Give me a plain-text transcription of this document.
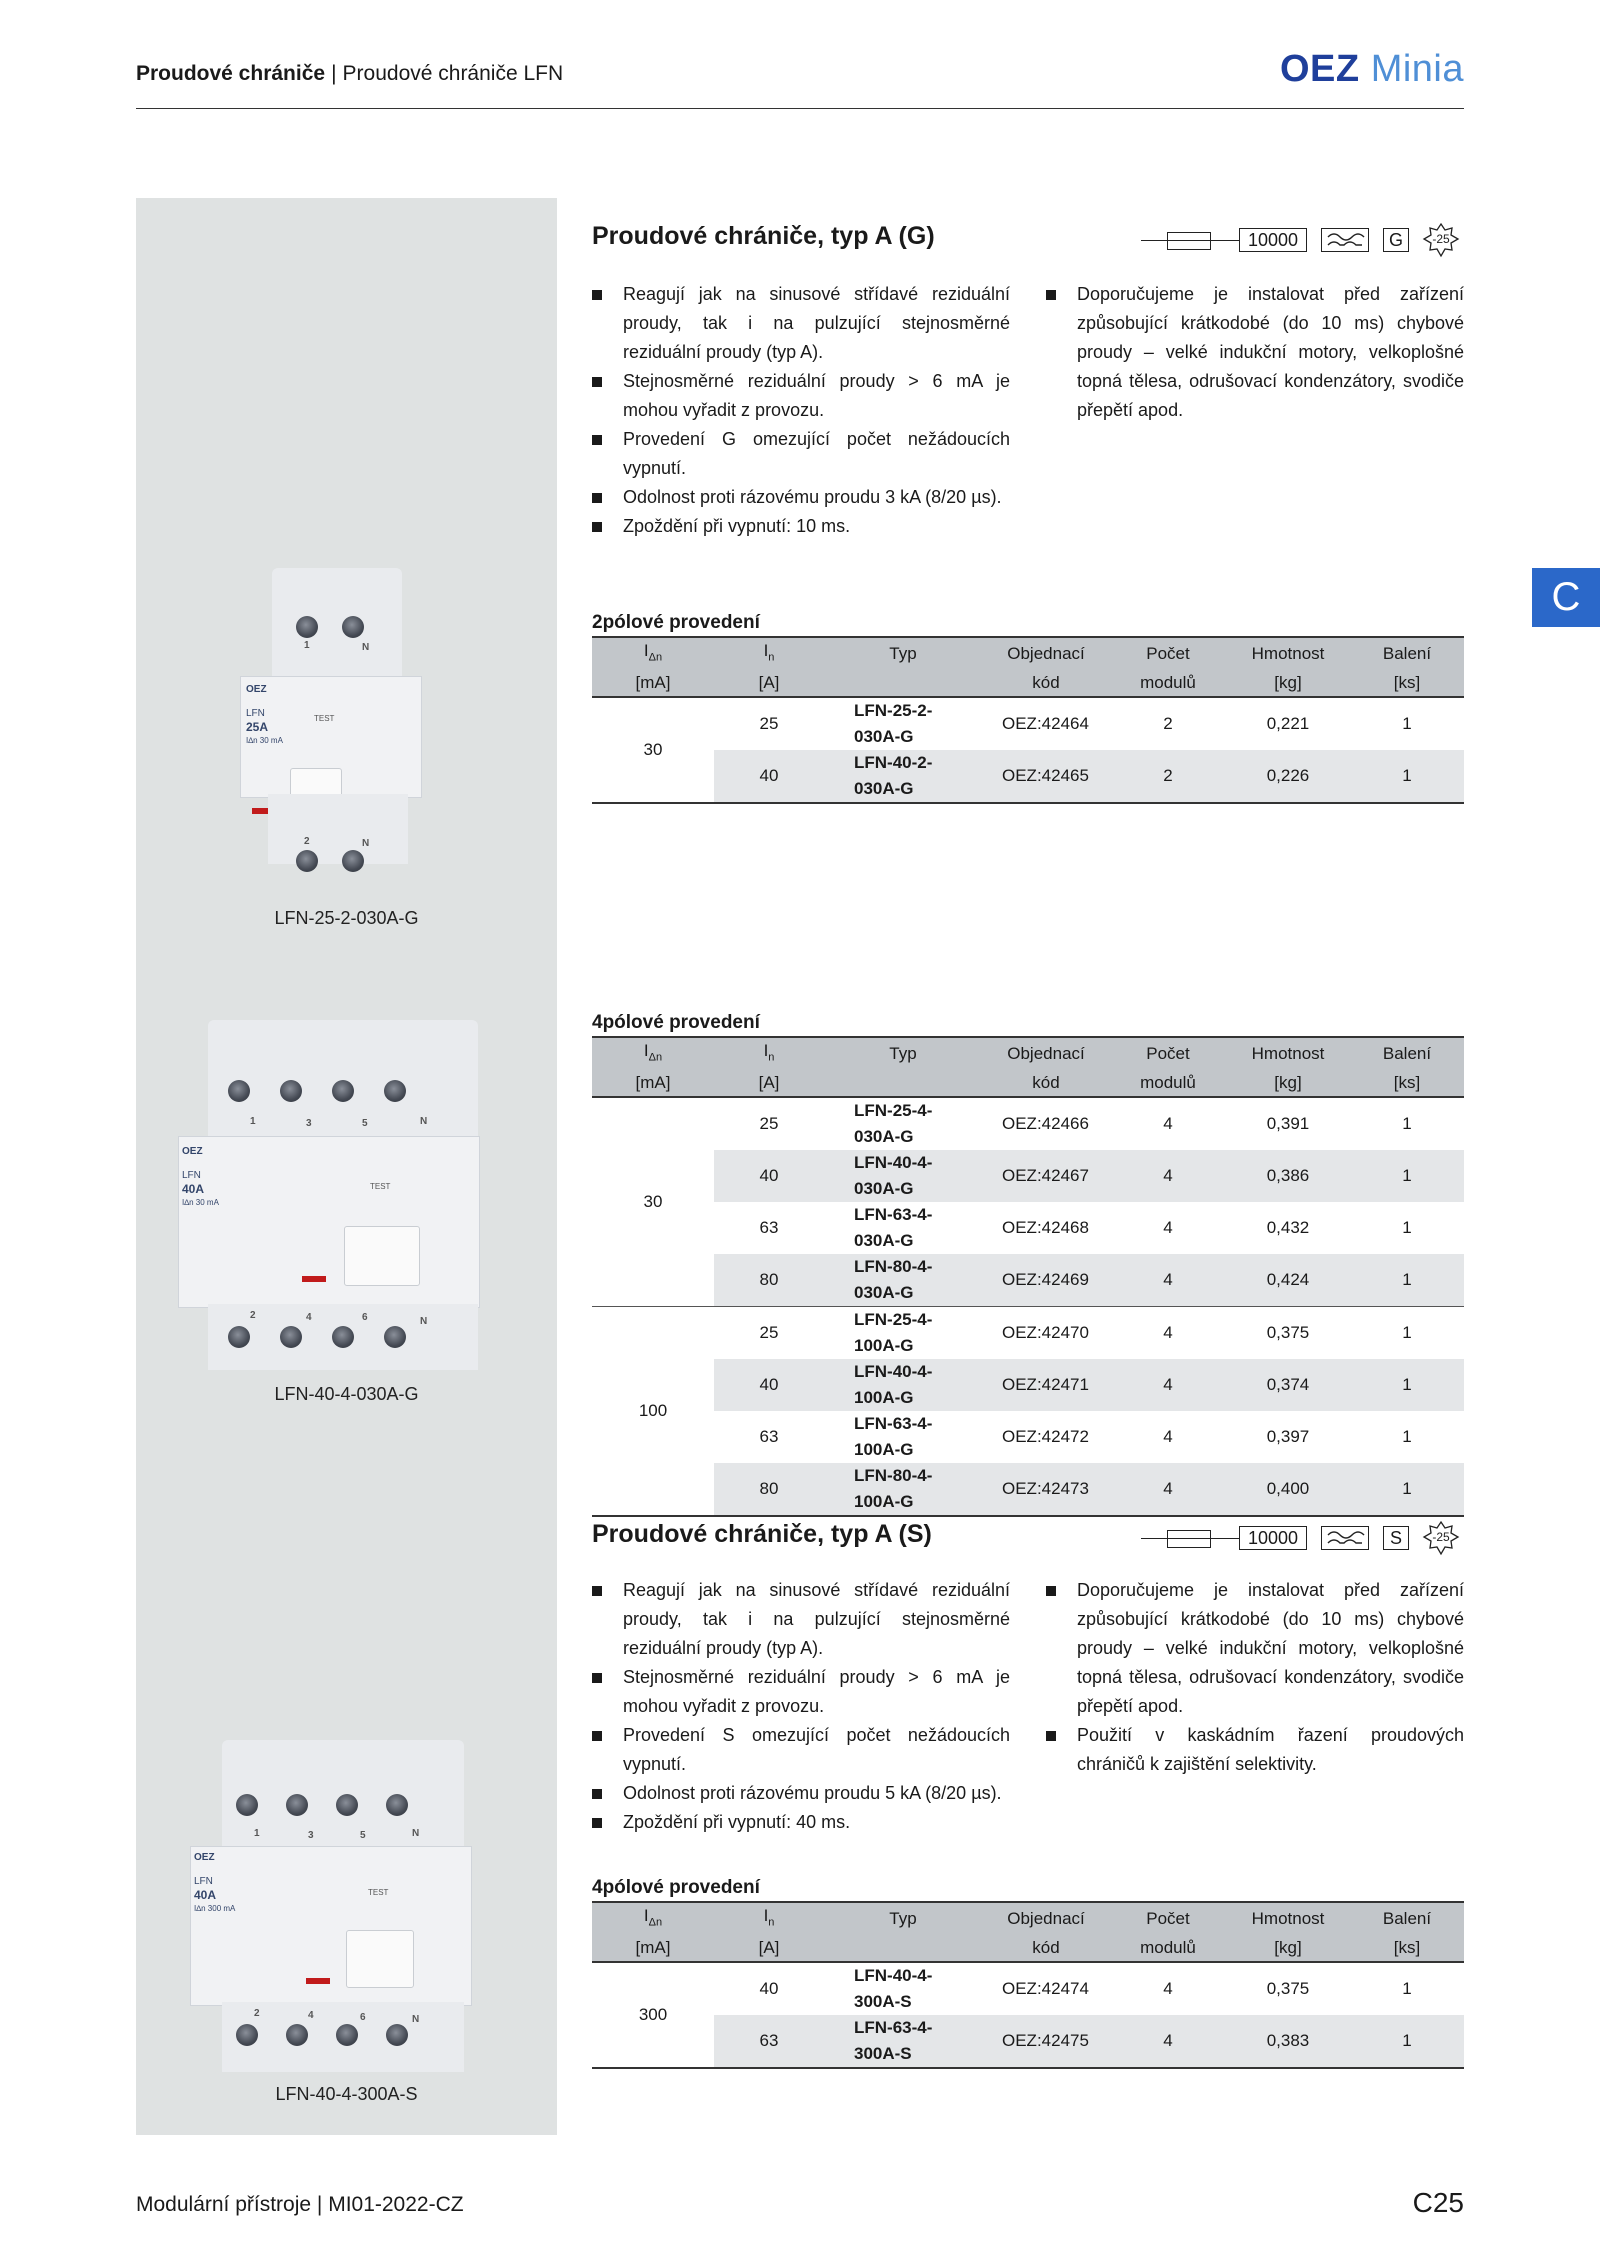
Proudové chrániče | Proudové chrániče LFN	OEZ Minia
C
1	N
OEZ
LFN
25A
I∆n 30 mA
TEST
2	N
LFN-25-2-030A-G
1	3	5	N
OEZ
LFN
40A
I∆n 30 mA
TEST
2	4	6	N
LFN-40-4-030A-G
1	3	5	N
OEZ
LFN
40A
I∆n 300 mA
TEST
2	4	6	N
LFN-40-4-300A-S
Proudové chrániče, typ A (G)	10000	G	-25
Reagují jak na sinusové střídavé reziduální proudy, tak i na pulzující stejnosměrné reziduální proudy (typ A).
Stejnosměrné reziduální proudy > 6 mA je mohou vyřadit z provozu.
Provedení G omezující počet nežádoucích vypnutí.
Odolnost proti rázovému proudu 3 kA (8/20 µs).
Zpoždění při vypnutí: 10 ms.
Doporučujeme je instalovat před zařízení způsobující krátkodobé (do 10 ms) chybové proudy – velké indukční motory, velkoplošné topná tělesa, odrušovací kondenzátory, svodiče přepětí apod.
2pólové provedení
$I_{\Delta n}$	$I_n$	Typ	Objednací	Počet	Hmotnost	Balení
[mA]	[A]		kód	modulů	[kg]	[ks]
30	25	LFN-25-2-030A-G	OEZ:42464	2	0,221	1
	40	LFN-40-2-030A-G	OEZ:42465	2	0,226	1
4pólové provedení
$I_{\Delta n}$	$I_n$	Typ	Objednací	Počet	Hmotnost	Balení
[mA]	[A]		kód	modulů	[kg]	[ks]
30	25	LFN-25-4-030A-G	OEZ:42466	4	0,391	1
	40	LFN-40-4-030A-G	OEZ:42467	4	0,386	1
	63	LFN-63-4-030A-G	OEZ:42468	4	0,432	1
	80	LFN-80-4-030A-G	OEZ:42469	4	0,424	1
100	25	LFN-25-4-100A-G	OEZ:42470	4	0,375	1
	40	LFN-40-4-100A-G	OEZ:42471	4	0,374	1
	63	LFN-63-4-100A-G	OEZ:42472	4	0,397	1
	80	LFN-80-4-100A-G	OEZ:42473	4	0,400	1
Proudové chrániče, typ A (S)	10000	S	-25
Reagují jak na sinusové střídavé reziduální proudy, tak i na pulzující stejnosměrné reziduální proudy (typ A).
Stejnosměrné reziduální proudy > 6 mA je mohou vyřadit z provozu.
Provedení S omezující počet nežádoucích vypnutí.
Odolnost proti rázovému proudu 5 kA (8/20 µs).
Zpoždění při vypnutí: 40 ms.
Doporučujeme je instalovat před zařízení způsobující krátkodobé (do 10 ms) chybové proudy – velké indukční motory, velkoplošné topná tělesa, odrušovací kondenzátory, svodiče přepětí apod.
Použití v kaskádním řazení proudových chráničů k zajištění selektivity.
4pólové provedení
$I_{\Delta n}$	$I_n$	Typ	Objednací	Počet	Hmotnost	Balení
[mA]	[A]		kód	modulů	[kg]	[ks]
300	40	LFN-40-4-300A-S	OEZ:42474	4	0,375	1
	63	LFN-63-4-300A-S	OEZ:42475	4	0,383	1
Modulární přístroje | MI01-2022-CZ	C25
